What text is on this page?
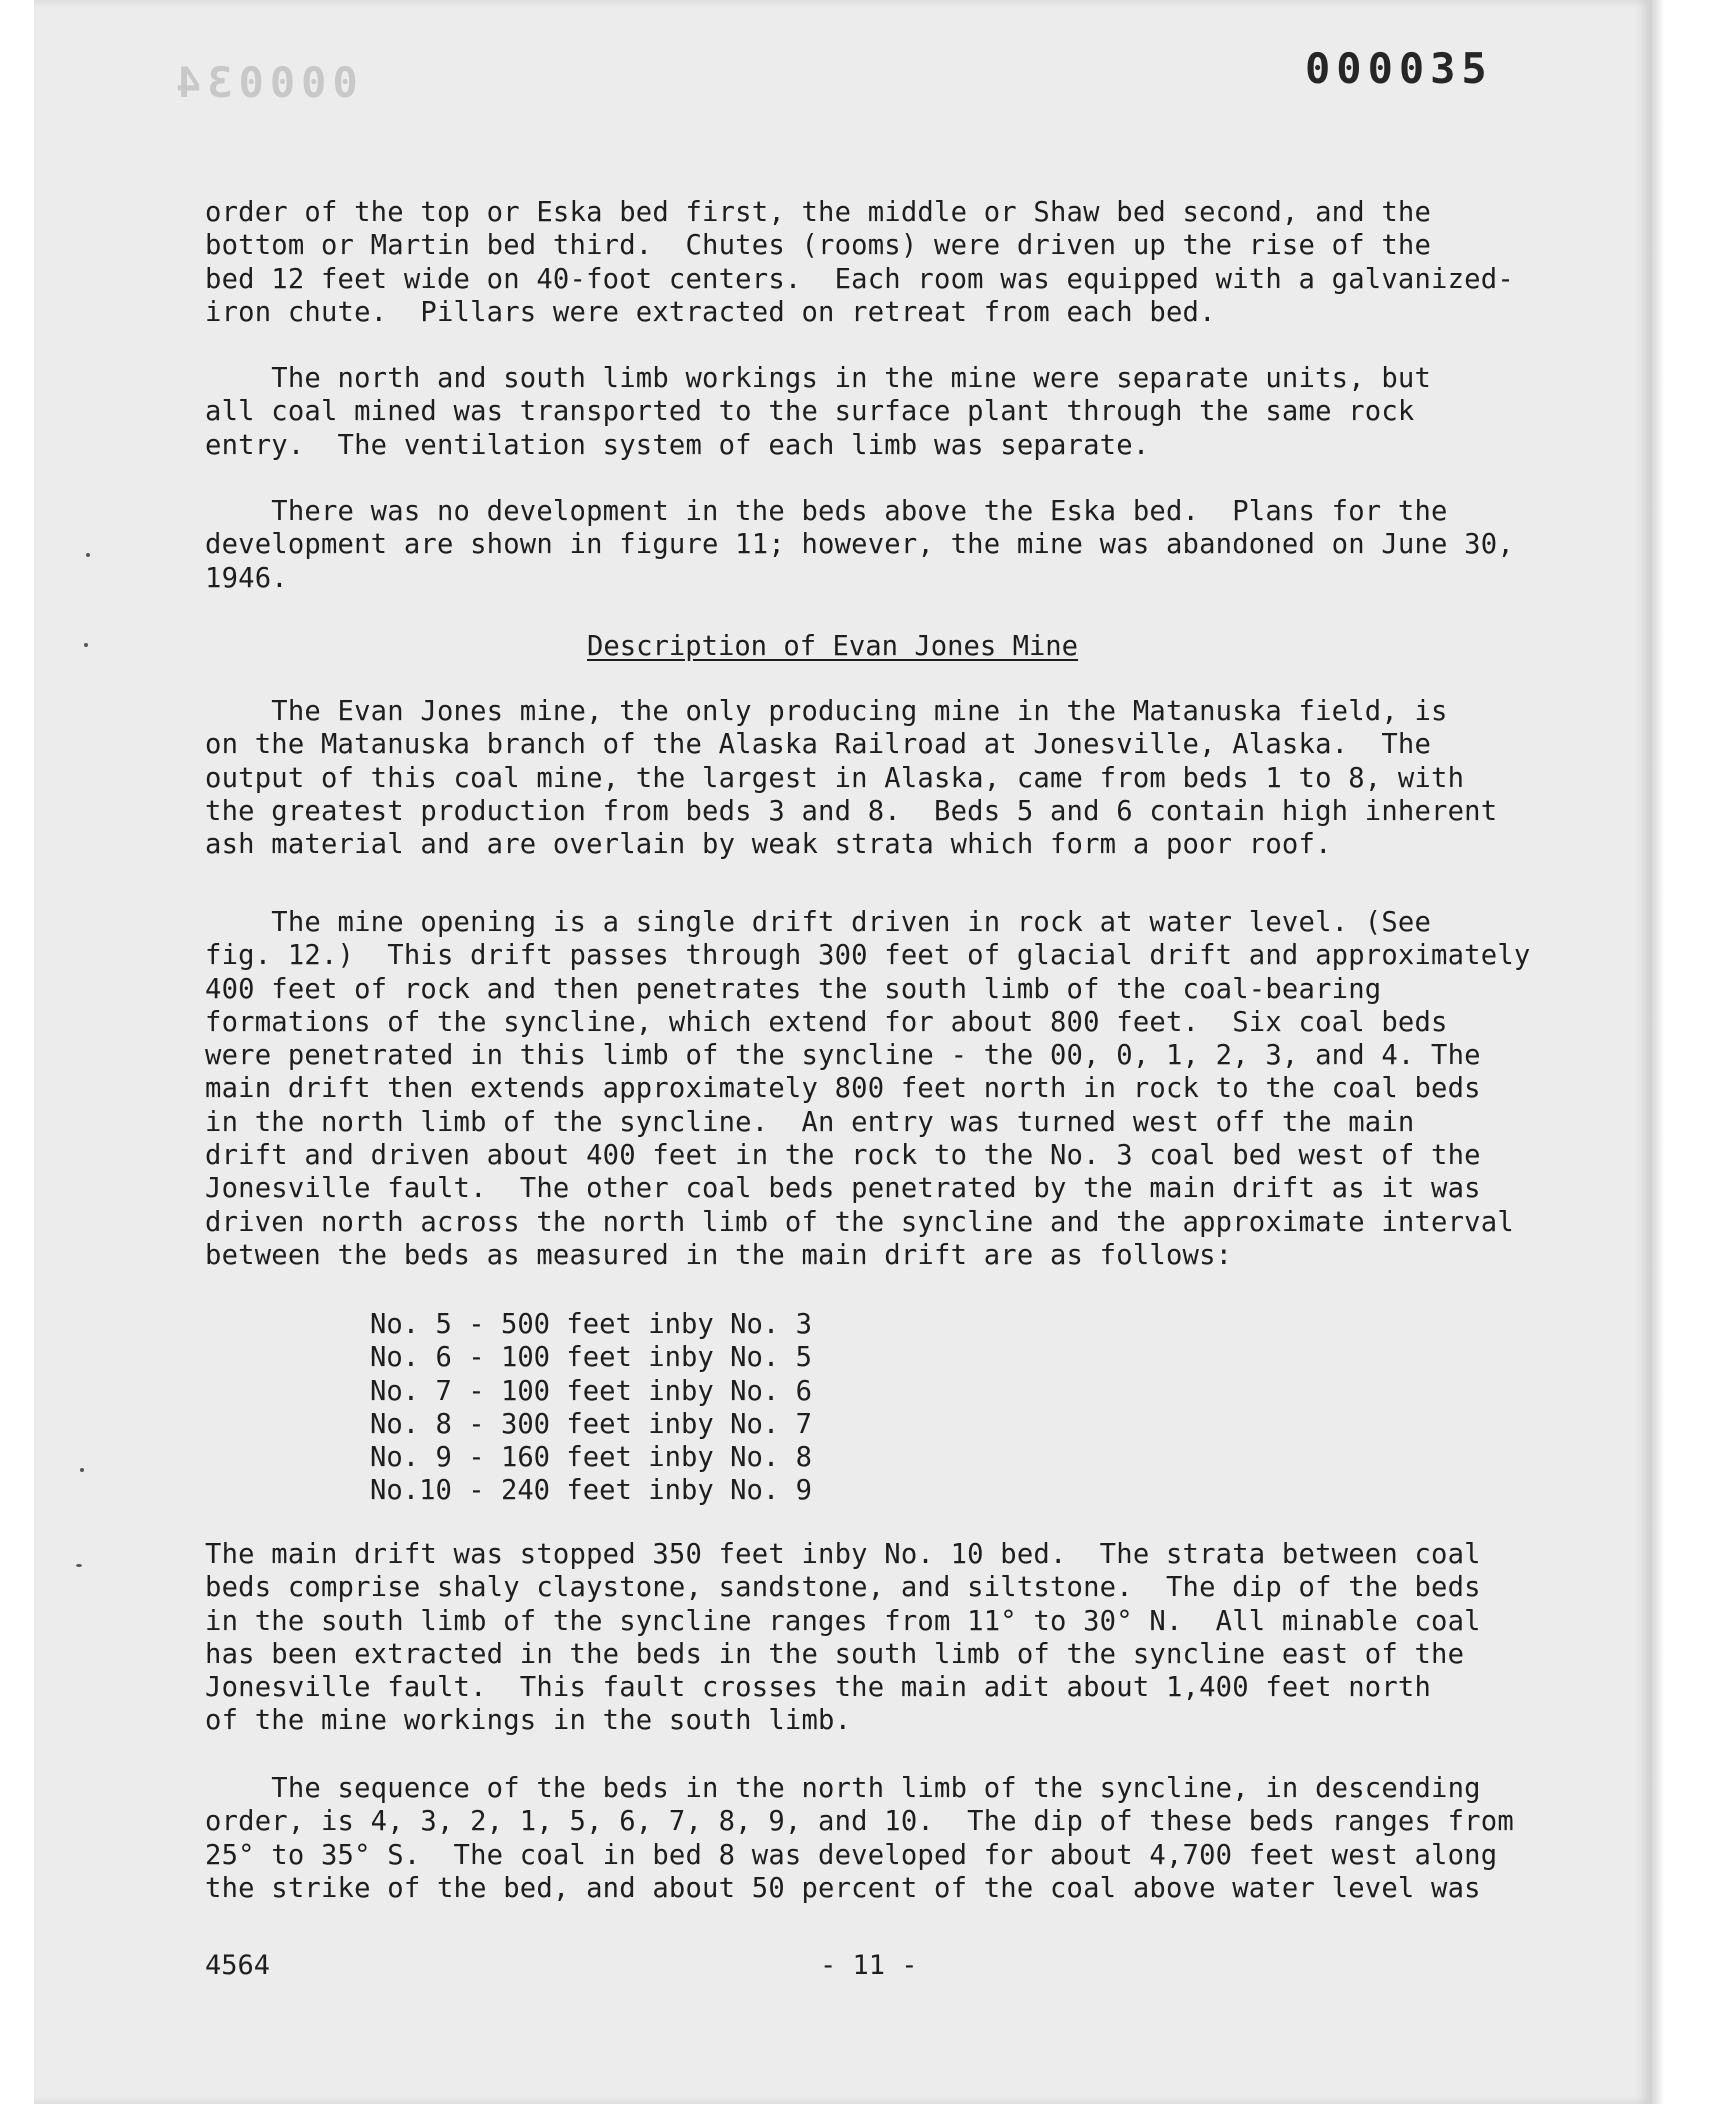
000034	000035
order of the top or Eska bed first, the middle or Shaw bed second, and the
bottom or Martin bed third.  Chutes (rooms) were driven up the rise of the
bed 12 feet wide on 40-foot centers.  Each room was equipped with a galvanized-
iron chute.  Pillars were extracted on retreat from each bed.
The north and south limb workings in the mine were separate units, but
all coal mined was transported to the surface plant through the same rock
entry.  The ventilation system of each limb was separate.
There was no development in the beds above the Eska bed.  Plans for the
development are shown in figure 11; however, the mine was abandoned on June 30,
1946.
Description of Evan Jones Mine
The Evan Jones mine, the only producing mine in the Matanuska field, is
on the Matanuska branch of the Alaska Railroad at Jonesville, Alaska.  The
output of this coal mine, the largest in Alaska, came from beds 1 to 8, with
the greatest production from beds 3 and 8.  Beds 5 and 6 contain high inherent
ash material and are overlain by weak strata which form a poor roof.
The mine opening is a single drift driven in rock at water level. (See
fig. 12.)  This drift passes through 300 feet of glacial drift and approximately
400 feet of rock and then penetrates the south limb of the coal-bearing
formations of the syncline, which extend for about 800 feet.  Six coal beds
were penetrated in this limb of the syncline - the 00, 0, 1, 2, 3, and 4. The
main drift then extends approximately 800 feet north in rock to the coal beds
in the north limb of the syncline.  An entry was turned west off the main
drift and driven about 400 feet in the rock to the No. 3 coal bed west of the
Jonesville fault.  The other coal beds penetrated by the main drift as it was
driven north across the north limb of the syncline and the approximate interval
between the beds as measured in the main drift are as follows:
No. 5 - 500 feet inby No. 3
No. 6 - 100 feet inby No. 5
No. 7 - 100 feet inby No. 6
No. 8 - 300 feet inby No. 7
No. 9 - 160 feet inby No. 8
No.10 - 240 feet inby No. 9
The main drift was stopped 350 feet inby No. 10 bed.  The strata between coal
beds comprise shaly claystone, sandstone, and siltstone.  The dip of the beds
in the south limb of the syncline ranges from 11° to 30° N.  All minable coal
has been extracted in the beds in the south limb of the syncline east of the
Jonesville fault.  This fault crosses the main adit about 1,400 feet north
of the mine workings in the south limb.
The sequence of the beds in the north limb of the syncline, in descending
order, is 4, 3, 2, 1, 5, 6, 7, 8, 9, and 10.  The dip of these beds ranges from
25° to 35° S.  The coal in bed 8 was developed for about 4,700 feet west along
the strike of the bed, and about 50 percent of the coal above water level was
4564	- 11 -
